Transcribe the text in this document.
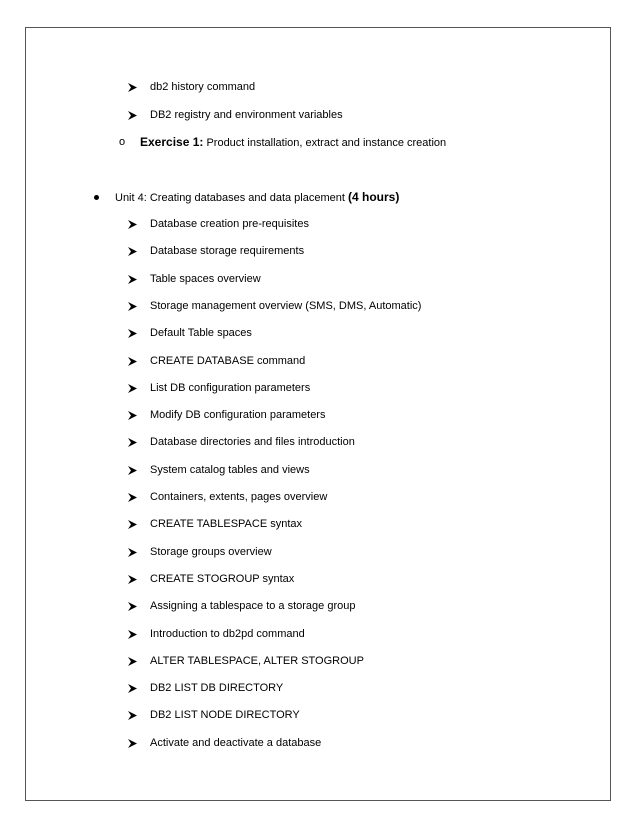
db2 history command
DB2 registry and environment variables
o Exercise 1: Product installation, extract and instance creation
Unit 4: Creating databases and data placement (4 hours)
Database creation pre-requisites
Database storage requirements
Table spaces overview
Storage management overview (SMS, DMS, Automatic)
Default Table spaces
CREATE DATABASE command
List DB configuration parameters
Modify DB configuration parameters
Database directories and files introduction
System catalog tables and views
Containers, extents, pages overview
CREATE TABLESPACE syntax
Storage groups overview
CREATE STOGROUP syntax
Assigning a tablespace to a storage group
Introduction to db2pd command
ALTER TABLESPACE, ALTER STOGROUP
DB2 LIST DB DIRECTORY
DB2 LIST NODE DIRECTORY
Activate and deactivate a database
